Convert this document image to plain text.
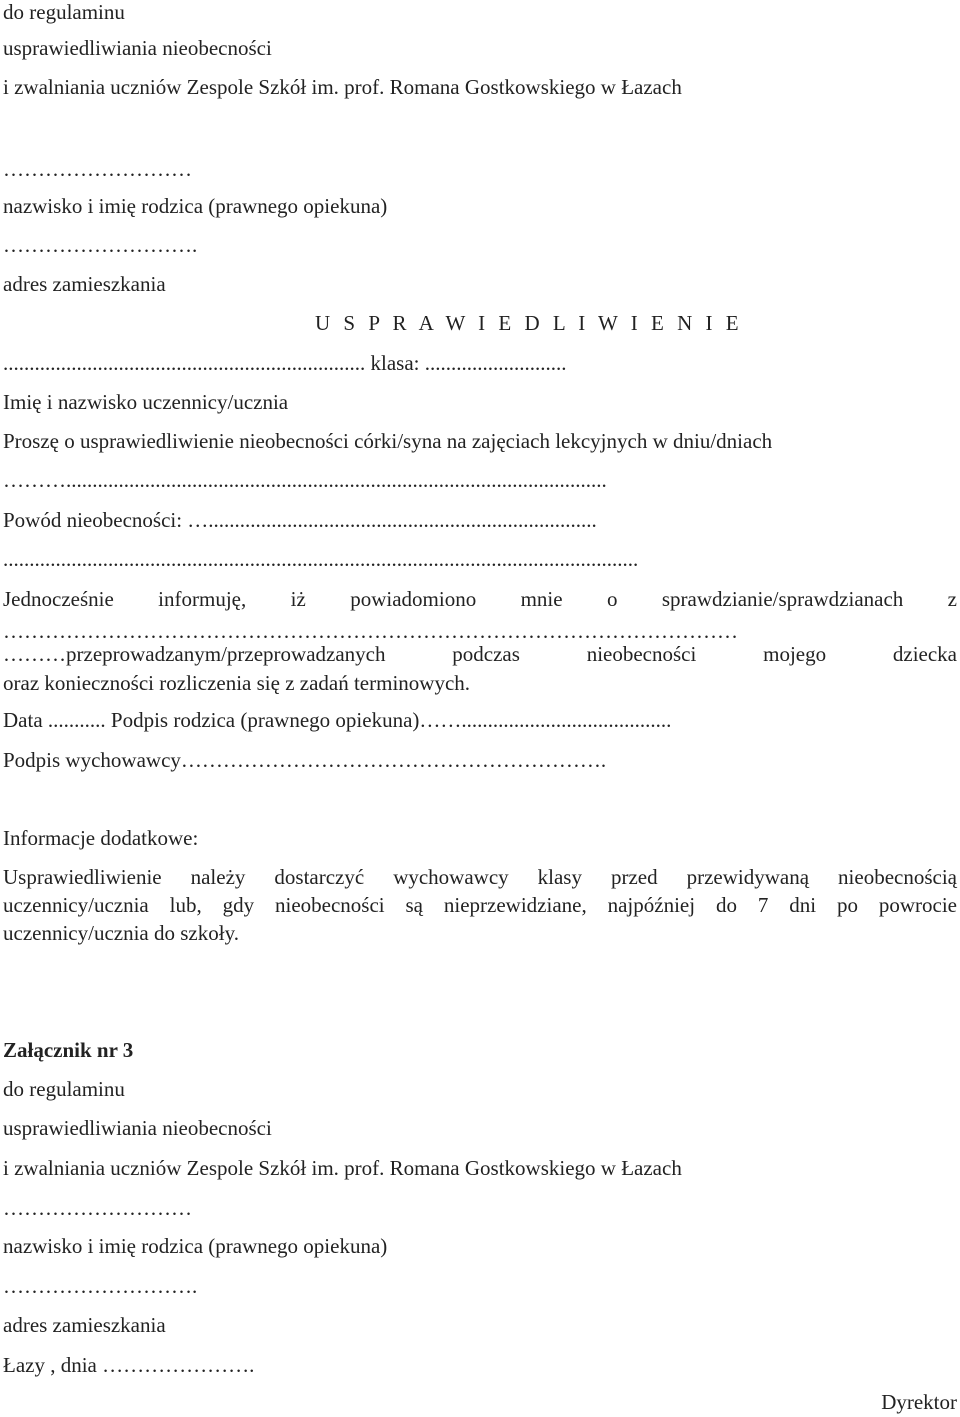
do regulaminu
usprawiedliwiania nieobecności
i zwalniania uczniów Zespole Szkół im. prof. Romana Gostkowskiego w Łazach
………………………
nazwisko i imię rodzica (prawnego opiekuna)
……………………….
adres zamieszkania
U S P R A W I E D L I W I E N I E
..................................................................... klasa: ...........................
Imię i nazwisko uczennicy/ucznia
Proszę o usprawiedliwienie nieobecności córki/syna na zajęciach lekcyjnych w dniu/dniach
……….......................................................................................................
Powód nieobecności: …..........................................................................
.........................................................................................................................
Jednocześnie informuję, iż powiadomiono mnie o sprawdzianie/sprawdzianach z
……………………………………………………………………………………………
………przeprowadzanym/przeprowadzanych podczas nieobecności mojego dziecka
oraz konieczności rozliczenia się z zadań terminowych.
Data ........... Podpis rodzica (prawnego opiekuna)……........................................
Podpis wychowawcy…………………………………………………….
Informacje dodatkowe:
Usprawiedliwienie należy dostarczyć wychowawcy klasy przed przewidywaną nieobecnością
uczennicy/ucznia lub, gdy nieobecności są nieprzewidziane, najpóźniej do 7 dni po powrocie
uczennicy/ucznia do szkoły.
Załącznik nr 3
do regulaminu
usprawiedliwiania nieobecności
i zwalniania uczniów Zespole Szkół im. prof. Romana Gostkowskiego w Łazach
………………………
nazwisko i imię rodzica (prawnego opiekuna)
……………………….
adres zamieszkania
Łazy , dnia ………………….
Dyrektor
